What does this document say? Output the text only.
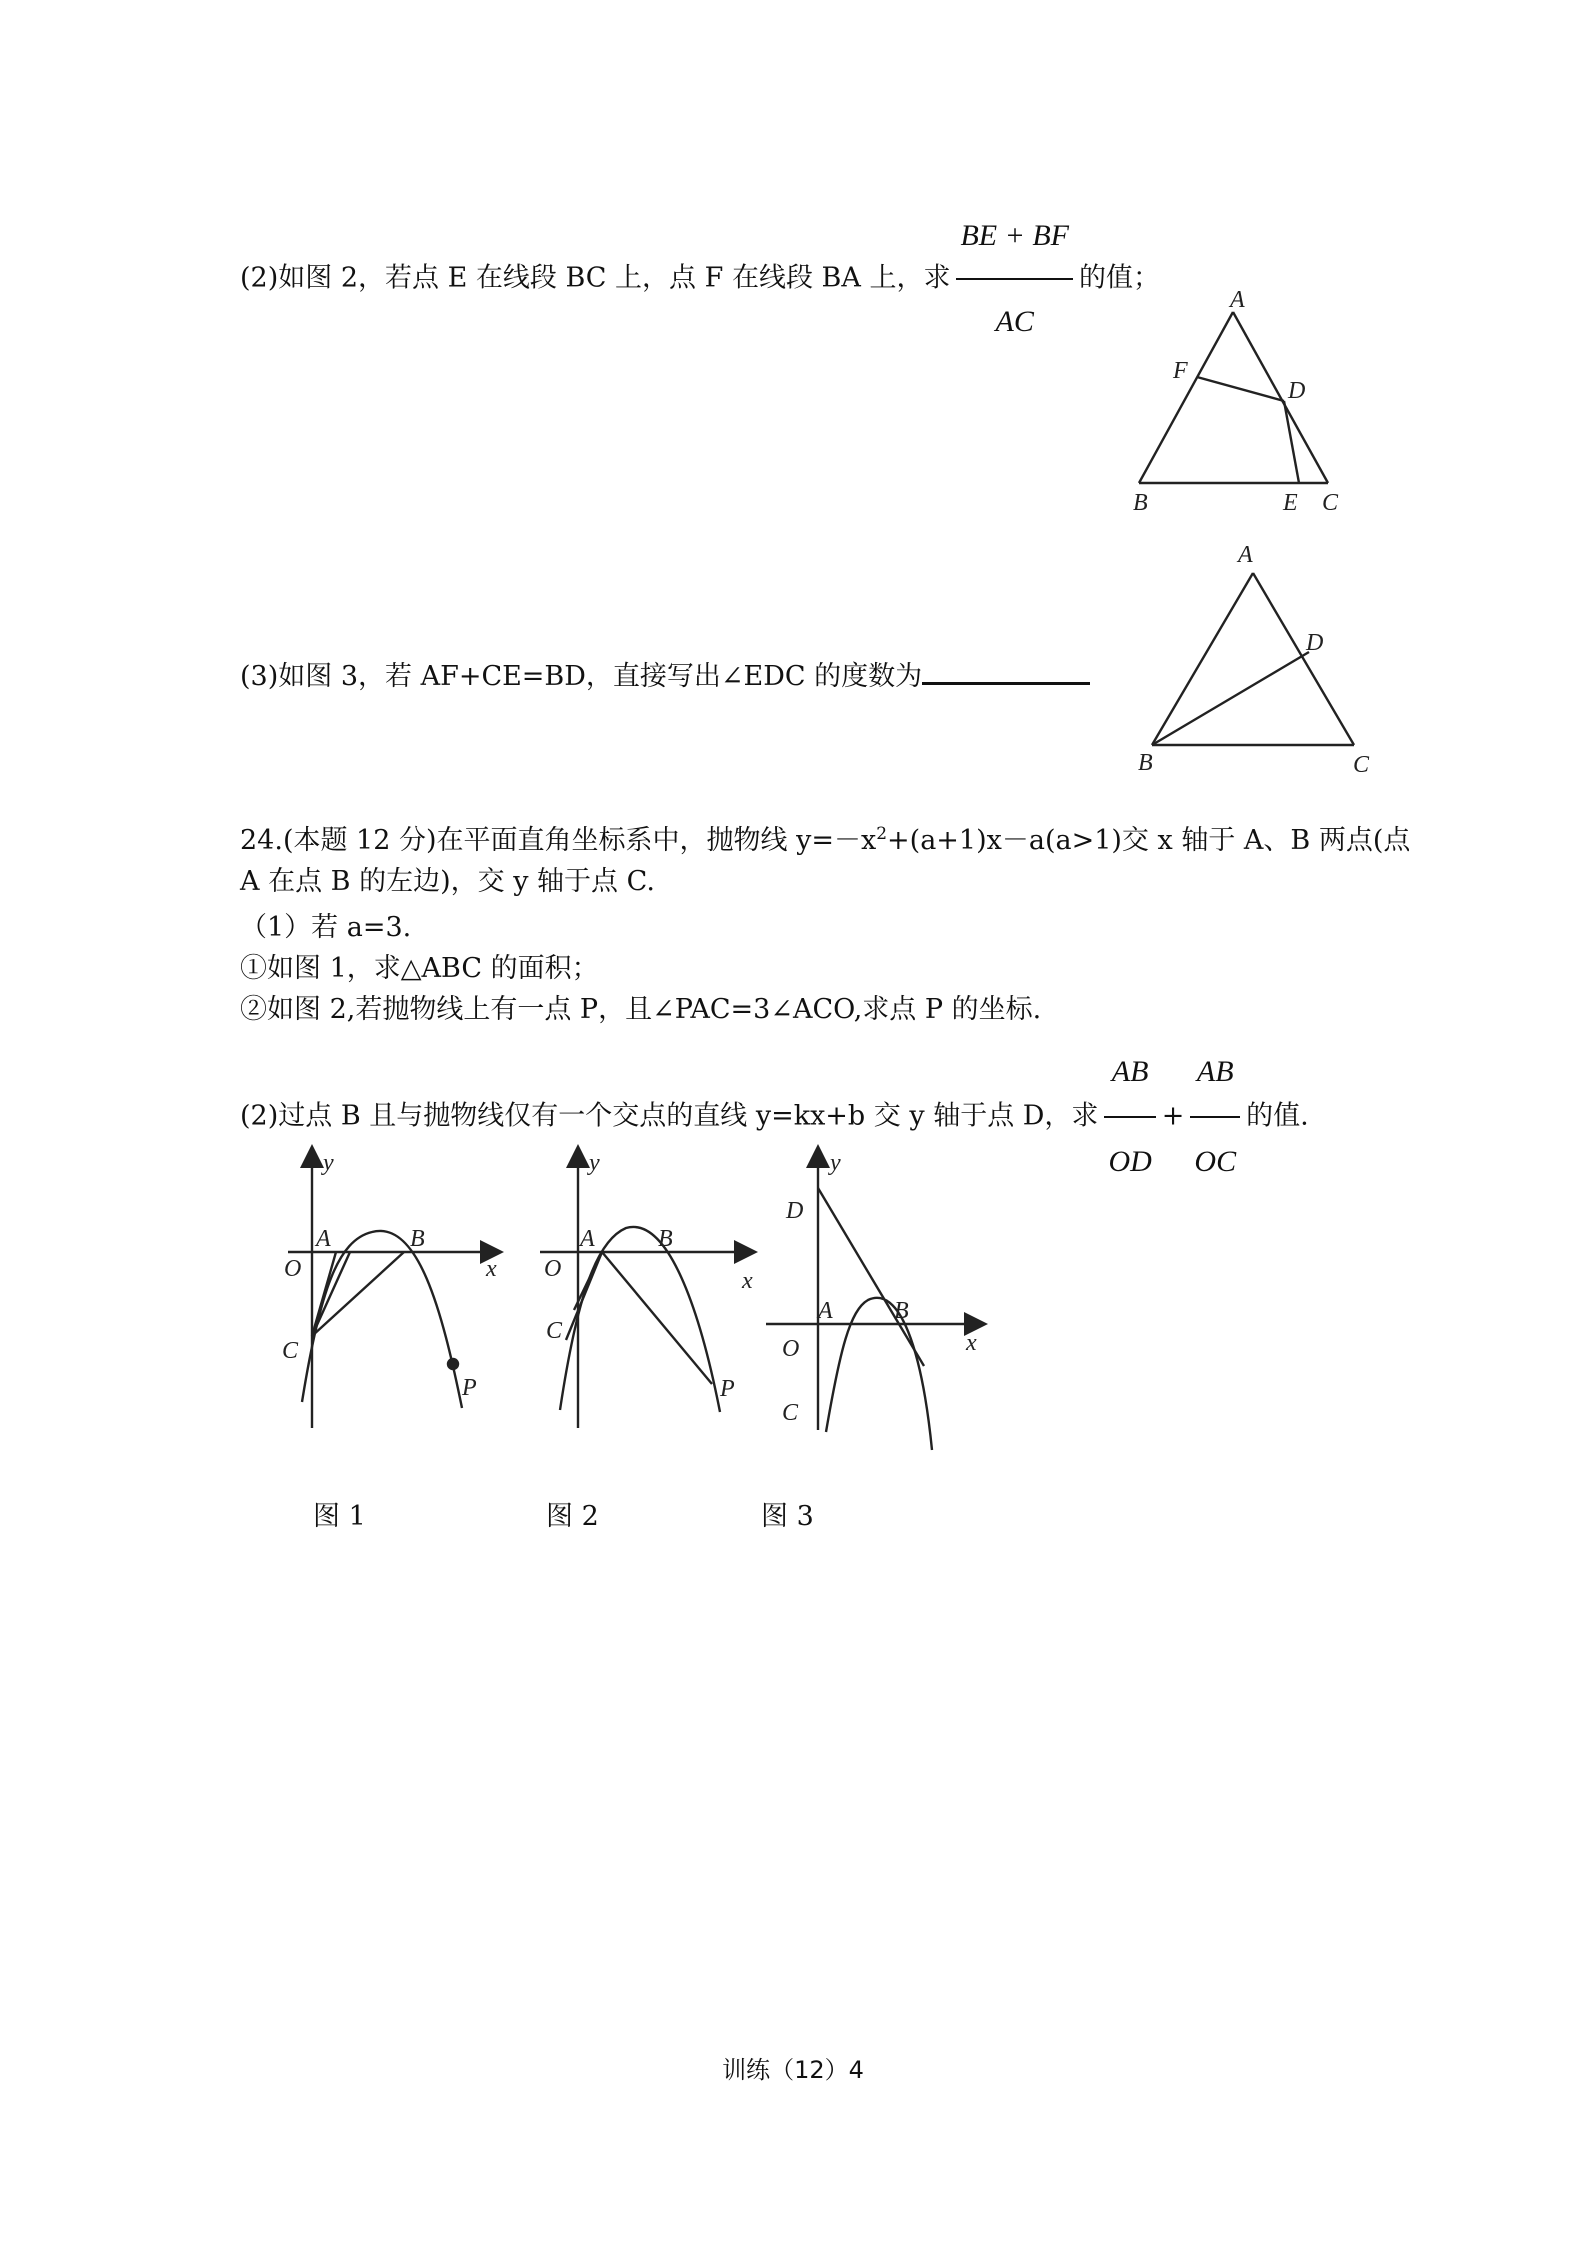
(2)如图 2，若点 E 在线段 BC 上，点 F 在线段 BA 上，求 $\frac{BE + BF}{AC}$ 的值；
A
F
D
B	E C
A
D
B	C
(3)如图 3，若 AF+CE=BD，直接写出∠EDC 的度数为
24.(本题 12 分)在平面直角坐标系中，抛物线 $y=-x^2+(a+1)x-a(a>1)$交 x 轴于 A、B 两点(点
A 在点 B 的左边)，交 y 轴于点 C.
（1）若 a=3.
①如图 1，求△ABC 的面积；
②如图 2,若抛物线上有一点 P，且∠PAC=3∠ACO,求点 P 的坐标.
(2)过点 B 且与抛物线仅有一个交点的直线 y=kx+b 交 y 轴于点 D，求 $\frac{AB}{OD} + \frac{AB}{OC}$ 的值.
y
x
O
A	B
C
P
y
x
O
A	B
C
P
y
x
O
D
A	B
C
图 1	图 2	图 3
训练（12）4
